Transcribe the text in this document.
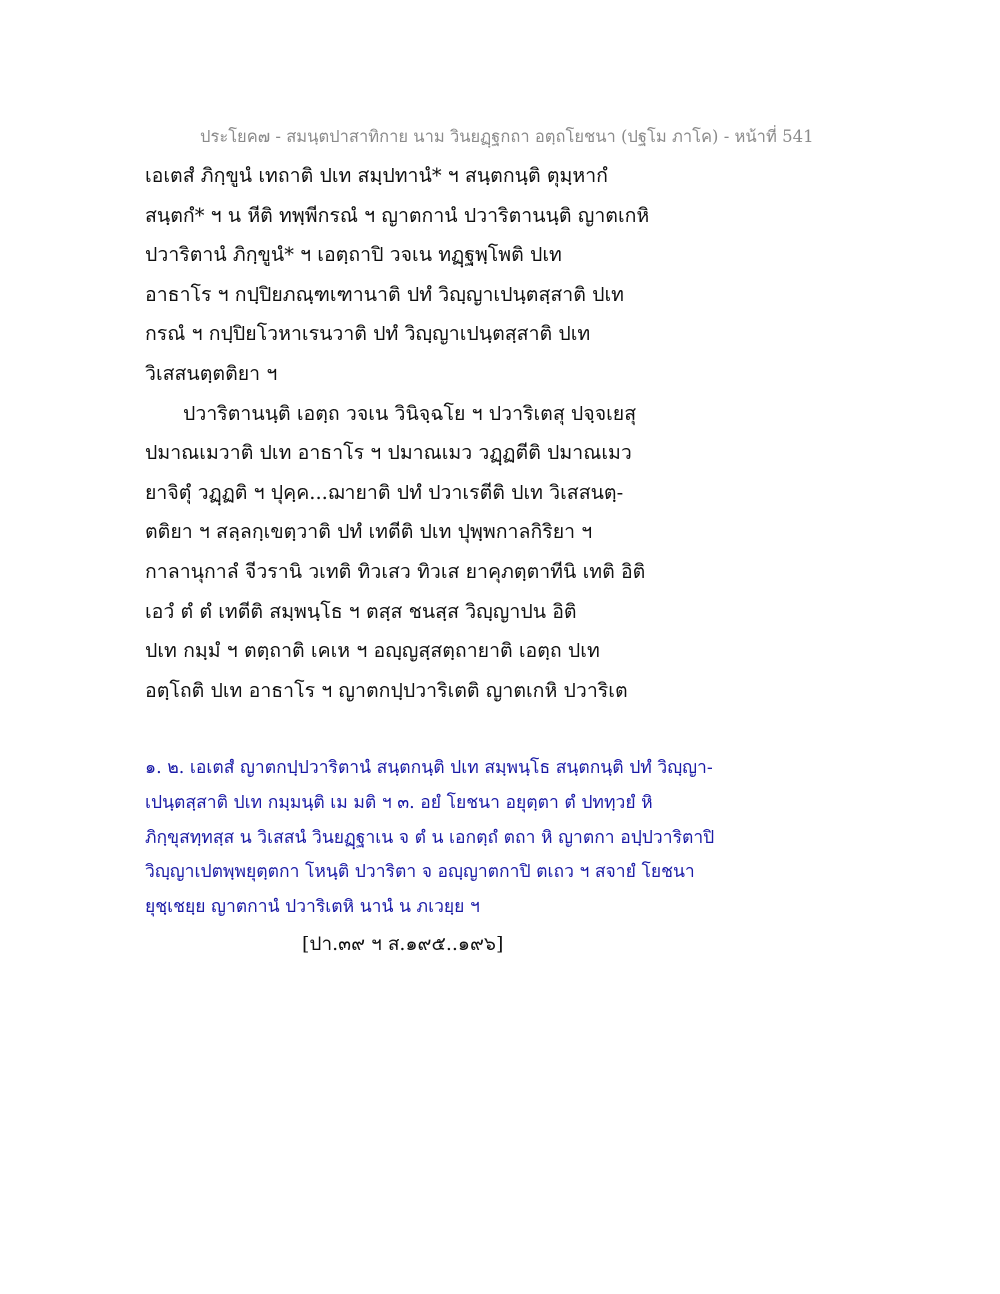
ประโยค๗ - สมนฺตปาสาทิกาย นาม วินยฏฺฐกถา อตฺถโยชนา (ปฐโม ภาโค) - หน้าที่ 541
เอเตสํ ภิกฺขูนํ เทถาติ ปเท สมฺปทานํ* ฯ สนฺตกนฺติ ตุมฺหากํ
สนฺตกํ* ฯ น หีติ ทพฺพีกรณํ ฯ ญาตกานํ ปวาริตานนฺติ ญาตเกหิ
ปวาริตานํ ภิกฺขูนํ* ฯ เอตฺถาปิ วจเน ทฏฺฐพฺโพติ ปเท
อาธาโร ฯ กปฺปิยภณฺฑเฑานาติ ปทํ วิญฺญาเปนฺตสฺสาติ ปเท
กรณํ ฯ กปฺปิยโวหาเรนวาติ ปทํ วิญฺญาเปนฺตสฺสาติ ปเท
วิเสสนตฺตติยา ฯ
ปวาริตานนฺติ เอตฺถ วจเน วินิจฺฉโย ฯ ปวาริเตสุ ปจฺจเยสุ
ปมาณเมวาติ ปเท อาธาโร ฯ ปมาณเมว วฏฺฏตีติ ปมาณเมว
ยาจิตุํ วฏฺฏติ ฯ ปุคฺค...ฌายาติ ปทํ ปวาเรตีติ ปเท วิเสสนตฺ-
ตติยา ฯ สลฺลกฺเขตฺวาติ ปทํ เทตีติ ปเท ปุพฺพกาลกิริยา ฯ
กาลานุกาลํ จีวรานิ วเทติ ทิวเสว ทิวเส ยาคุภตฺตาทีนิ เทติ อิติ
เอวํ ตํ ตํ เทตีติ สมฺพนฺโธ ฯ ตสฺส ชนสฺส วิญฺญาปน อิติ
ปเท กมฺมํ ฯ ตตฺถาติ เคเห ฯ อญฺญสฺสตฺถายาติ เอตฺถ ปเท
อตฺโถติ ปเท อาธาโร ฯ ญาตกปฺปวาริเตติ ญาตเกหิ ปวาริเต
๑. ๒. เอเตสํ ญาตกปฺปวาริตานํ สนฺตกนฺติ ปเท สมฺพนฺโธ สนฺตกนฺติ ปทํ วิญฺญา-
เปนฺตสฺสาติ ปเท กมฺมนฺติ เม มติ ฯ ๓. อยํ โยชนา อยุตฺตา ตํ ปททฺวยํ หิ
ภิกฺขุสทฺทสฺส น วิเสสนํ วินยฏฺฐาเน จ ตํ น เอกตฺถํ ตถา หิ ญาตกา อปฺปวาริตาปิ
วิญฺญาเปตพฺพยุตฺตกา โหนฺติ ปวาริตา จ อญฺญาตกาปิ ตเถว ฯ สจายํ โยชนา
ยุชฺเชยฺย ญาตกานํ ปวาริเตหิ นานํ น ภเวยฺย ฯ
[ปา.๓๙ ฯ ส.๑๙๕..๑๙๖]
